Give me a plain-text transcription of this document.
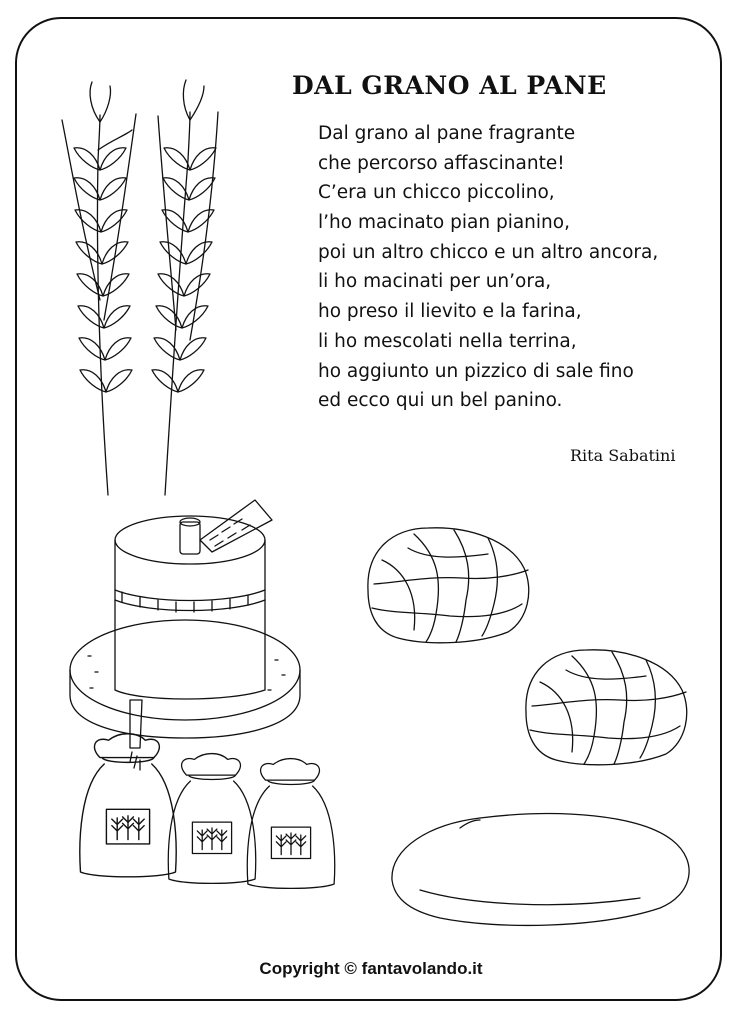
DAL GRANO AL PANE
Dal grano al pane fragrante
che percorso affascinante!
C’era un chicco piccolino,
l’ho macinato pian pianino,
poi un altro chicco e un altro ancora,
li ho macinati per un’ora,
ho preso il lievito e la farina,
li ho mescolati nella terrina,
ho aggiunto un pizzico di sale fino
ed ecco qui un bel panino.
Rita Sabatini
Copyright © fantavolando.it
